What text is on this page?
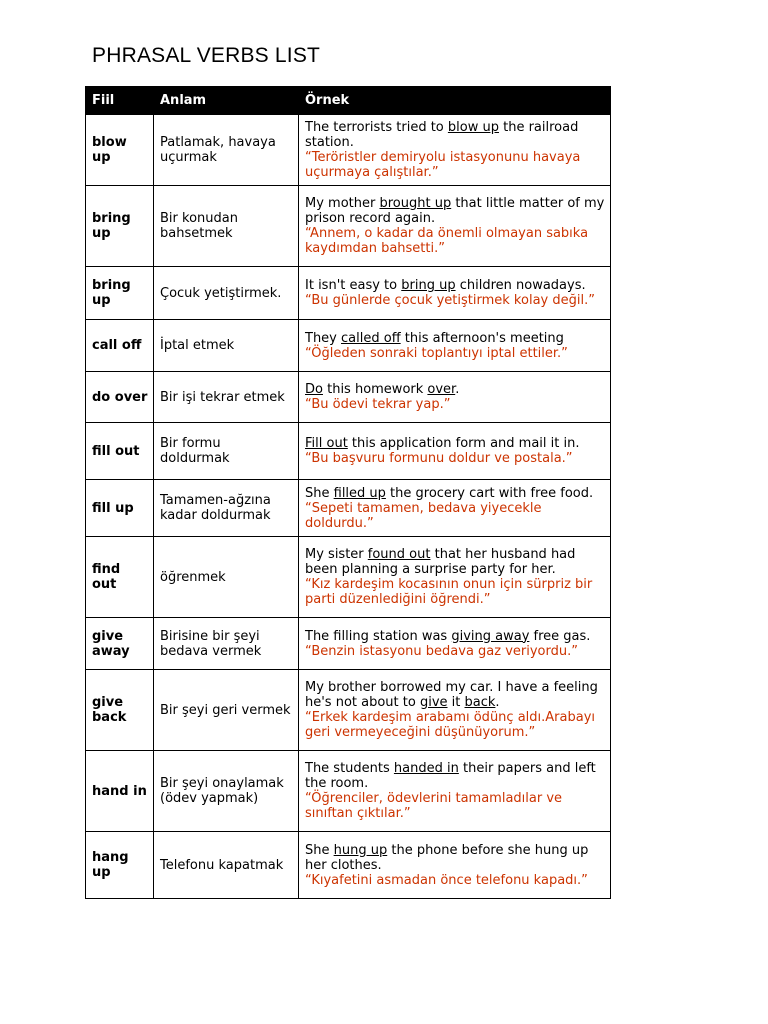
PHRASAL VERBS LIST
Fiil	Anlam	Örnek
blow up	Patlamak, havaya uçurmak	The terrorists tried to blow up the railroad station.
“Teröristler demiryolu istasyonunu havaya uçurmaya çalıştılar.”

bring up	Bir konudan bahsetmek	My mother brought up that little matter of my prison record again.
“Annem, o kadar da önemli olmayan sabıka kaydımdan bahsetti.”

bring up	Çocuk yetiştirmek.	It isn't easy to bring up children nowadays.
“Bu günlerde çocuk yetiştirmek kolay değil.”

call off	İptal etmek	They called off this afternoon's meeting
“Öğleden sonraki toplantıyı iptal ettiler.”

do over	Bir işi tekrar etmek	Do this homework over.
“Bu ödevi tekrar yap.”

fill out	Bir formu doldurmak	Fill out this application form and mail it in.
“Bu başvuru formunu doldur ve postala.”

fill up	Tamamen-ağzına kadar doldurmak	She filled up the grocery cart with free food.
“Sepeti tamamen, bedava yiyecekle doldurdu.”

find out	öğrenmek	My sister found out that her husband had been planning a surprise party for her.
“Kız kardeşim kocasının onun için sürpriz bir parti düzenlediğini öğrendi.”

give away	Birisine bir şeyi bedava vermek	The filling station was giving away free gas.
“Benzin istasyonu bedava gaz veriyordu.”

give back	Bir şeyi geri vermek	My brother borrowed my car. I have a feeling he's not about to give it back.
“Erkek kardeşim arabamı ödünç aldı.Arabayı geri vermeyeceğini düşünüyorum.”

hand in	Bir şeyi onaylamak (ödev yapmak)	The students handed in their papers and left the room.
“Öğrenciler, ödevlerini tamamladılar ve sınıftan çıktılar.”

hang up	Telefonu kapatmak	She hung up the phone before she hung up her clothes.
“Kıyafetini asmadan önce telefonu kapadı.”
